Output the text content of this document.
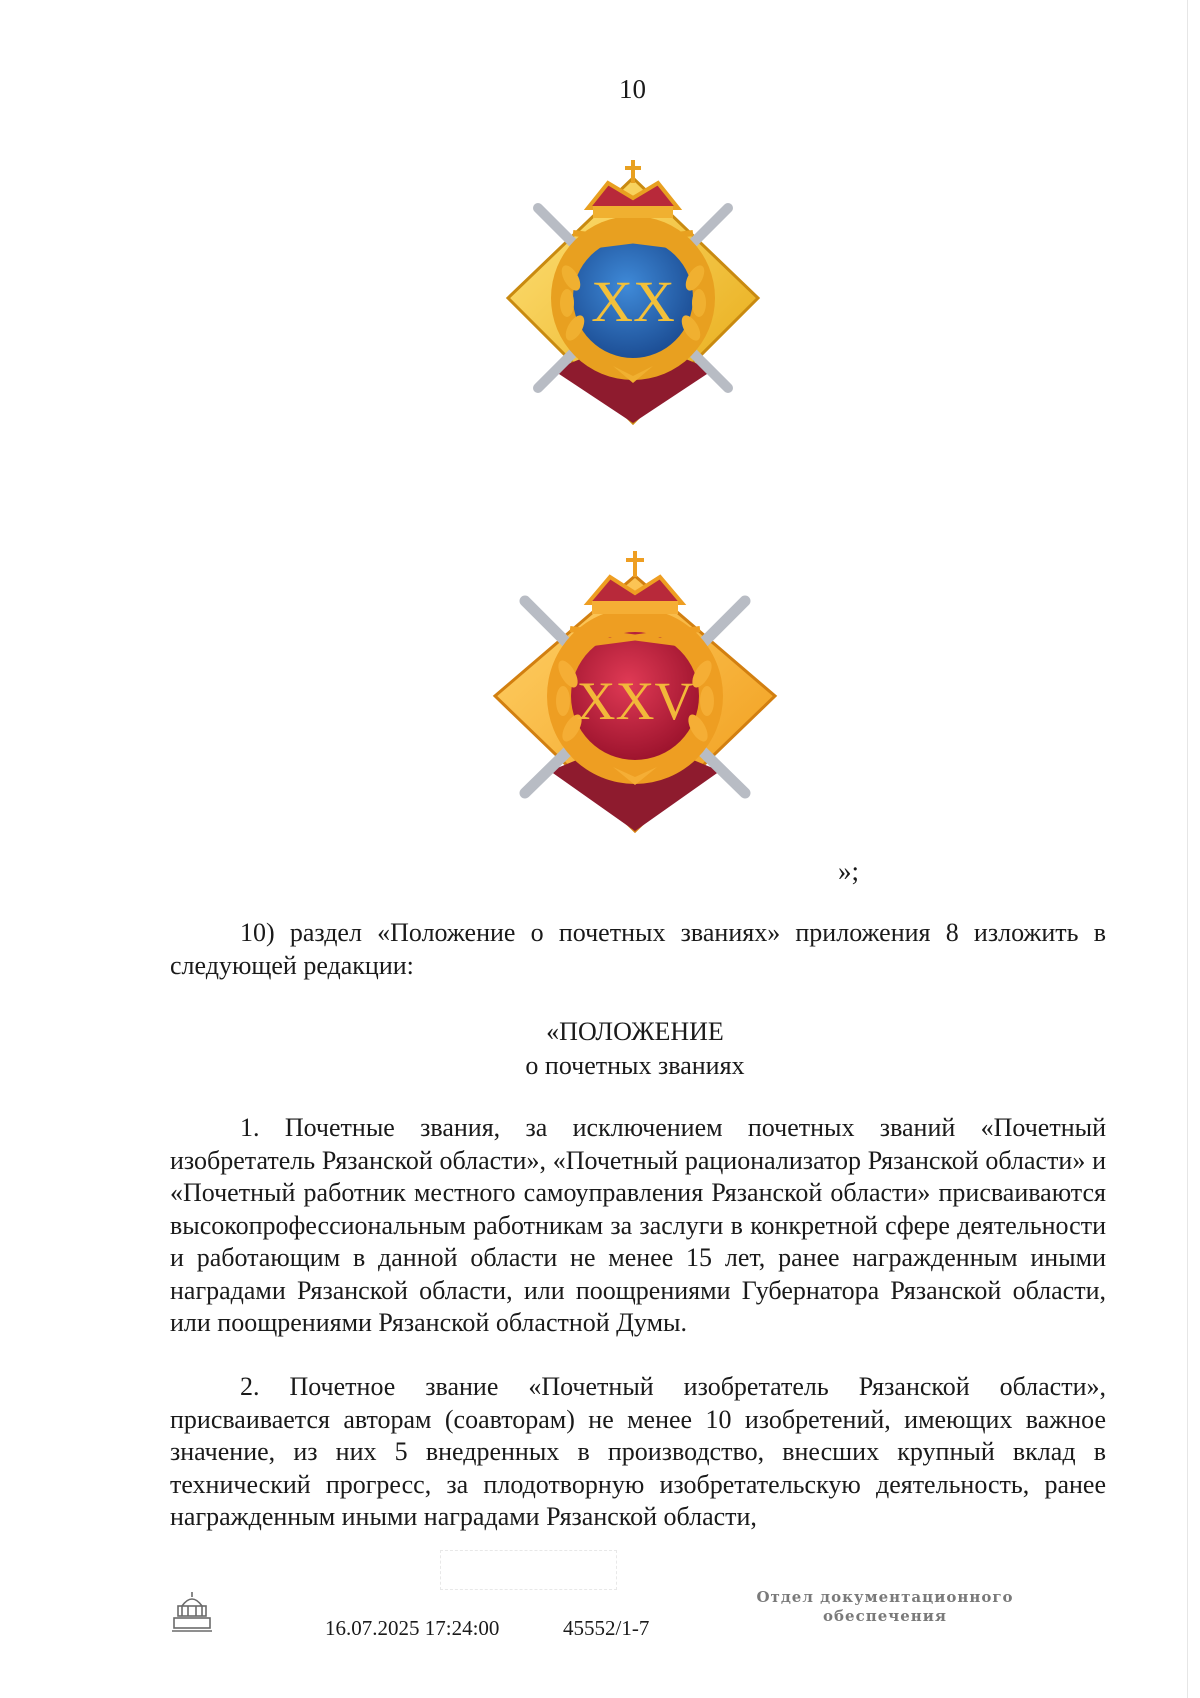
10
XX
XXV
»;
10) раздел «Положение о почетных званиях» приложения 8 изложить в следующей редакции:
«ПОЛОЖЕНИЕ
о почетных званиях
1. Почетные звания, за исключением почетных званий «Почетный изобретатель Рязанской области», «Почетный рационализатор Рязанской области» и «Почетный работник местного самоуправления Рязанской области» присваиваются высокопрофессиональным работникам за заслуги в конкретной сфере деятельности и работающим в данной области не менее 15 лет, ранее награжденным иными наградами Рязанской области, или поощрениями Губернатора Рязанской области, или поощрениями Рязанской областной Думы.
2. Почетное звание «Почетный изобретатель Рязанской области», присваивается авторам (соавторам) не менее 10 изобретений, имеющих важное значение, из них 5 внедренных в производство, внесших крупный вклад в технический прогресс, за плодотворную изобретательскую деятельность, ранее награжденным иными наградами Рязанской области,
16.07.2025 17:24:00	45552/1-7
Отдел документационного
обеспечения
